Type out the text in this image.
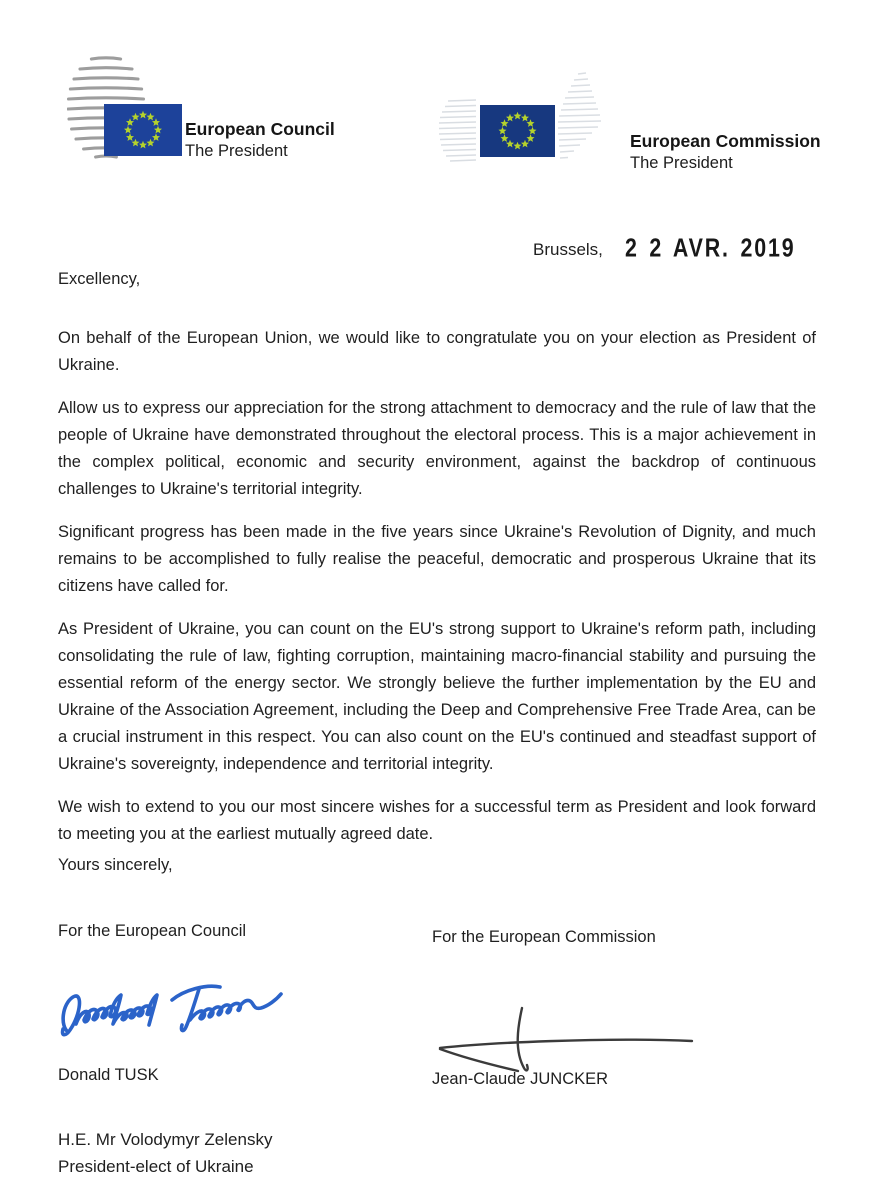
European Council
The President	European Commission
The President
Brussels, 2 2 AVR. 2019

Excellency,

On behalf of the European Union, we would like to congratulate you on your election as President of Ukraine.

Allow us to express our appreciation for the strong attachment to democracy and the rule of law that the people of Ukraine have demonstrated throughout the electoral process. This is a major achievement in the complex political, economic and security environment, against the backdrop of continuous challenges to Ukraine's territorial integrity.

Significant progress has been made in the five years since Ukraine's Revolution of Dignity, and much remains to be accomplished to fully realise the peaceful, democratic and prosperous Ukraine that its citizens have called for.

As President of Ukraine, you can count on the EU's strong support to Ukraine's reform path, including consolidating the rule of law, fighting corruption, maintaining macro-financial stability and pursuing the essential reform of the energy sector. We strongly believe the further implementation by the EU and Ukraine of the Association Agreement, including the Deep and Comprehensive Free Trade Area, can be a crucial instrument in this respect. You can also count on the EU's continued and steadfast support of Ukraine's sovereignty, independence and territorial integrity.

We wish to extend to you our most sincere wishes for a successful term as President and look forward to meeting you at the earliest mutually agreed date.

Yours sincerely,
For the European Council
Donald TUSK
For the European Commission
Jean-Claude JUNCKER
H.E. Mr Volodymyr Zelensky
President-elect of Ukraine
